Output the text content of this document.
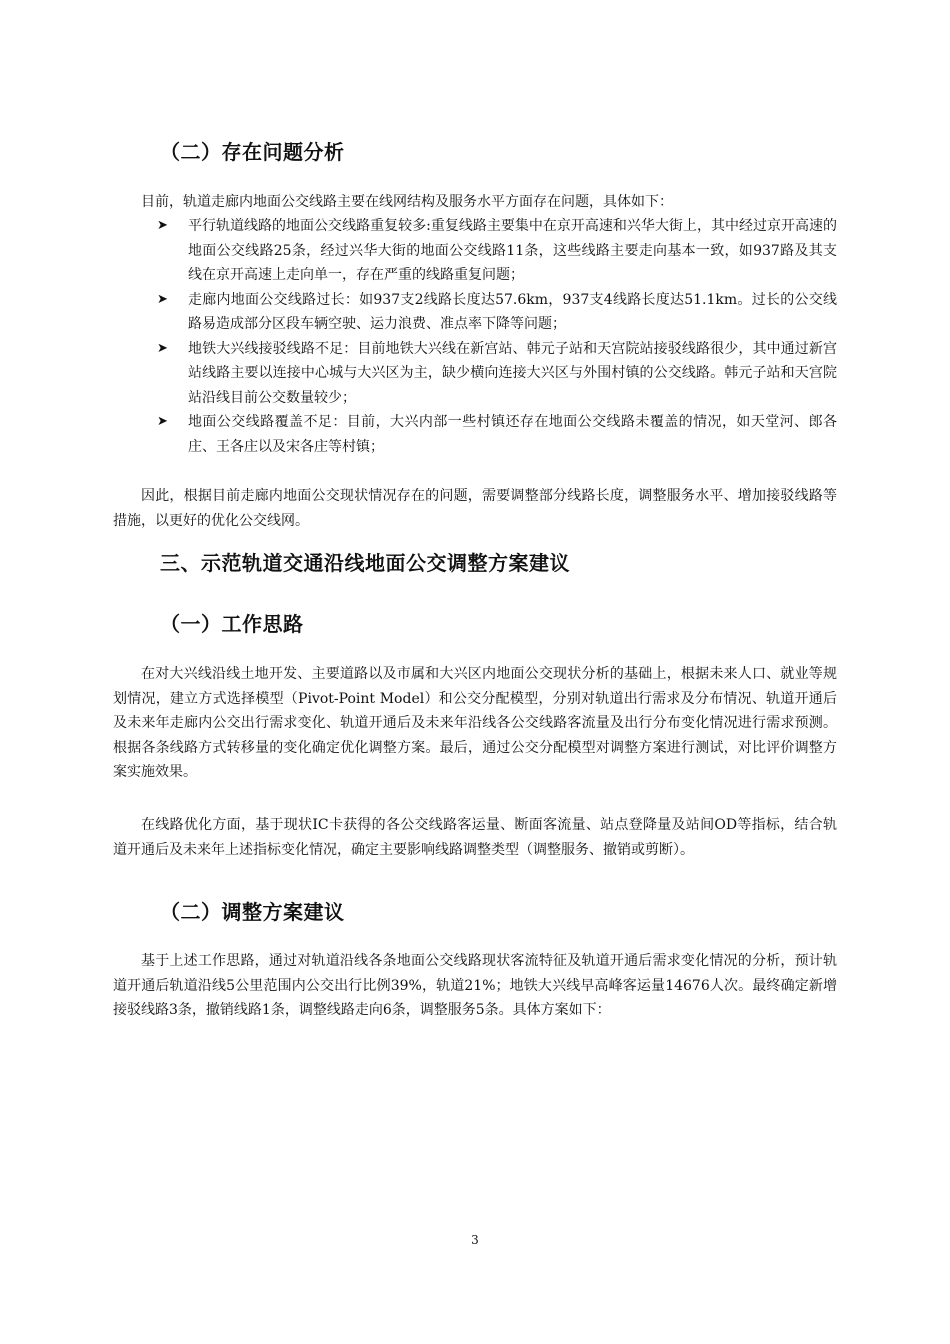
（二）存在问题分析

目前，轨道走廊内地面公交线路主要在线网结构及服务水平方面存在问题，具体如下：

➤ 平行轨道线路的地面公交线路重复较多:重复线路主要集中在京开高速和兴华大街上，其中经过京开高速的地面公交线路25条，经过兴华大街的地面公交线路11条，这些线路主要走向基本一致，如937路及其支线在京开高速上走向单一，存在严重的线路重复问题；
➤ 走廊内地面公交线路过长：如937支2线路长度达57.6km，937支4线路长度达51.1km。过长的公交线路易造成部分区段车辆空驶、运力浪费、准点率下降等问题；
➤ 地铁大兴线接驳线路不足：目前地铁大兴线在新宫站、韩元子站和天宫院站接驳线路很少，其中通过新宫站线路主要以连接中心城与大兴区为主，缺少横向连接大兴区与外围村镇的公交线路。韩元子站和天宫院站沿线目前公交数量较少；
➤ 地面公交线路覆盖不足：目前，大兴内部一些村镇还存在地面公交线路未覆盖的情况，如天堂河、郎各庄、王各庄以及宋各庄等村镇；

因此，根据目前走廊内地面公交现状情况存在的问题，需要调整部分线路长度，调整服务水平、增加接驳线路等措施，以更好的优化公交线网。

三、示范轨道交通沿线地面公交调整方案建议
（一）工作思路

在对大兴线沿线土地开发、主要道路以及市属和大兴区内地面公交现状分析的基础上，根据未来人口、就业等规划情况，建立方式选择模型（Pivot-Point Model）和公交分配模型，分别对轨道出行需求及分布情况、轨道开通后及未来年走廊内公交出行需求变化、轨道开通后及未来年沿线各公交线路客流量及出行分布变化情况进行需求预测。根据各条线路方式转移量的变化确定优化调整方案。最后，通过公交分配模型对调整方案进行测试，对比评价调整方案实施效果。

在线路优化方面，基于现状IC卡获得的各公交线路客运量、断面客流量、站点登降量及站间OD等指标，结合轨道开通后及未来年上述指标变化情况，确定主要影响线路调整类型（调整服务、撤销或剪断）。

（二）调整方案建议

基于上述工作思路，通过对轨道沿线各条地面公交线路现状客流特征及轨道开通后需求变化情况的分析，预计轨道开通后轨道沿线5公里范围内公交出行比例39%，轨道21%；地铁大兴线早高峰客运量14676人次。最终确定新增接驳线路3条，撤销线路1条，调整线路走向6条，调整服务5条。具体方案如下：

3
